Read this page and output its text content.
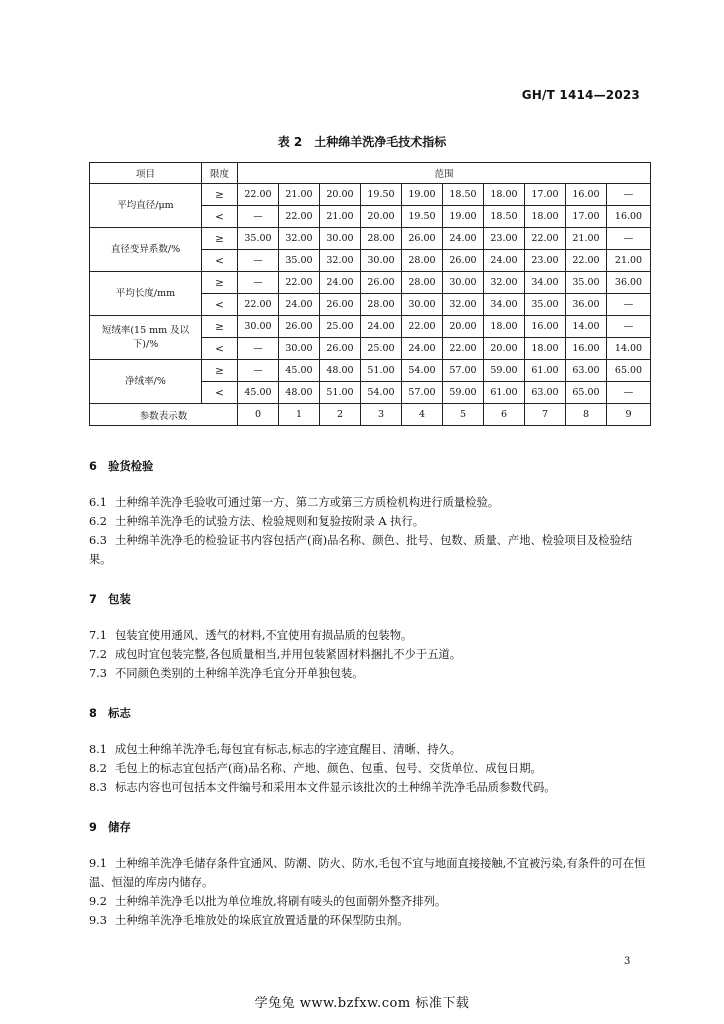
GH/T 1414—2023
表 2　土种绵羊洗净毛技术指标
项目	限度	范围									
平均直径/μm	≥	22.00	21.00	20.00	19.50	19.00	18.50	18.00	17.00	16.00	—
	<	—	22.00	21.00	20.00	19.50	19.00	18.50	18.00	17.00	16.00
直径变异系数/%	≥	35.00	32.00	30.00	28.00	26.00	24.00	23.00	22.00	21.00	—
	<	—	35.00	32.00	30.00	28.00	26.00	24.00	23.00	22.00	21.00
平均长度/mm	≥	—	22.00	24.00	26.00	28.00	30.00	32.00	34.00	35.00	36.00
	<	22.00	24.00	26.00	28.00	30.00	32.00	34.00	35.00	36.00	—
短绒率(15 mm 及以下)/%	≥	30.00	26.00	25.00	24.00	22.00	20.00	18.00	16.00	14.00	—
	<	—	30.00	26.00	25.00	24.00	22.00	20.00	18.00	16.00	14.00
净绒率/%	≥	—	45.00	48.00	51.00	54.00	57.00	59.00	61.00	63.00	65.00
	<	45.00	48.00	51.00	54.00	57.00	59.00	61.00	63.00	65.00	—
参数表示数		0	1	2	3	4	5	6	7	8	9

6　验货检验

6.1 土种绵羊洗净毛验收可通过第一方、第二方或第三方质检机构进行质量检验。

6.2 土种绵羊洗净毛的试验方法、检验规则和复验按附录 A 执行。

6.3 土种绵羊洗净毛的检验证书内容包括产(商)品名称、颜色、批号、包数、质量、产地、检验项目及检验结果。

7　包装

7.1 包装宜使用通风、透气的材料,不宜使用有损品质的包装物。

7.2 成包时宜包装完整,各包质量相当,并用包装紧固材料捆扎不少于五道。

7.3 不同颜色类别的土种绵羊洗净毛宜分开单独包装。

8　标志

8.1 成包土种绵羊洗净毛,每包宜有标志,标志的字迹宜醒目、清晰、持久。

8.2 毛包上的标志宜包括产(商)品名称、产地、颜色、包重、包号、交货单位、成包日期。

8.3 标志内容也可包括本文件编号和采用本文件显示该批次的土种绵羊洗净毛品质参数代码。

9　储存

9.1 土种绵羊洗净毛储存条件宜通风、防潮、防火、防水,毛包不宜与地面直接接触,不宜被污染,有条件的可在恒温、恒湿的库房内储存。

9.2 土种绵羊洗净毛以批为单位堆放,将刷有唛头的包面朝外整齐排列。

9.3 土种绵羊洗净毛堆放处的垛底宜放置适量的环保型防虫剂。

3
学兔兔 www.bzfxw.com 标准下载
